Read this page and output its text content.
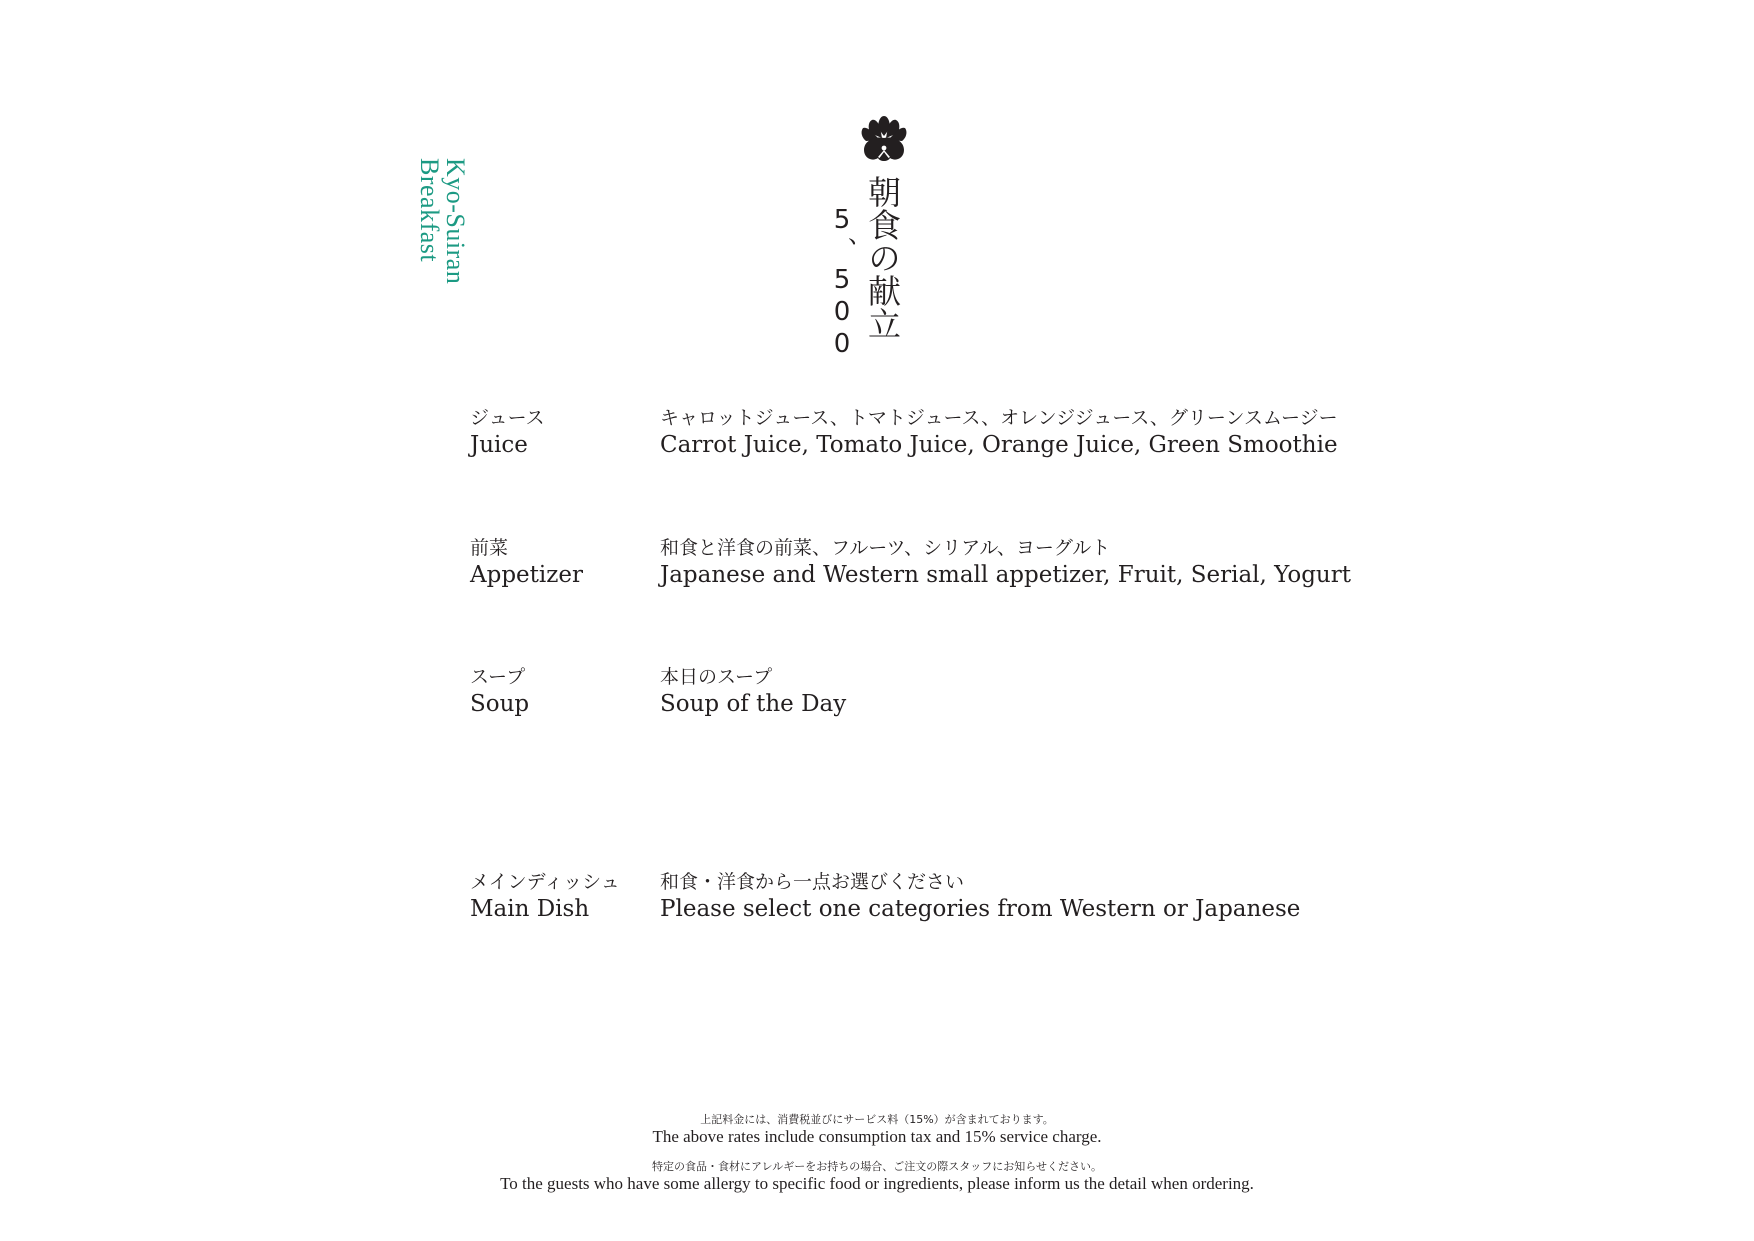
Kyo-Suiran
Breakfast	朝食の献立
5、500
ジュース
Juice
キャロットジュース、トマトジュース、オレンジジュース、グリーンスムージー
Carrot Juice, Tomato Juice, Orange Juice, Green Smoothie
前菜
Appetizer
和食と洋食の前菜、フルーツ、シリアル、ヨーグルト
Japanese and Western small appetizer, Fruit, Serial, Yogurt
スープ
Soup
本日のスープ
Soup of the Day
メインディッシュ
Main Dish
和食・洋食から一点お選びください
Please select one categories from Western or Japanese
上記料金には、消費税並びにサービス料（15%）が含まれております。
The above rates include consumption tax and 15% service charge.
特定の食品・食材にアレルギーをお持ちの場合、ご注文の際スタッフにお知らせください。
To the guests who have some allergy to specific food or ingredients, please inform us the detail when ordering.
